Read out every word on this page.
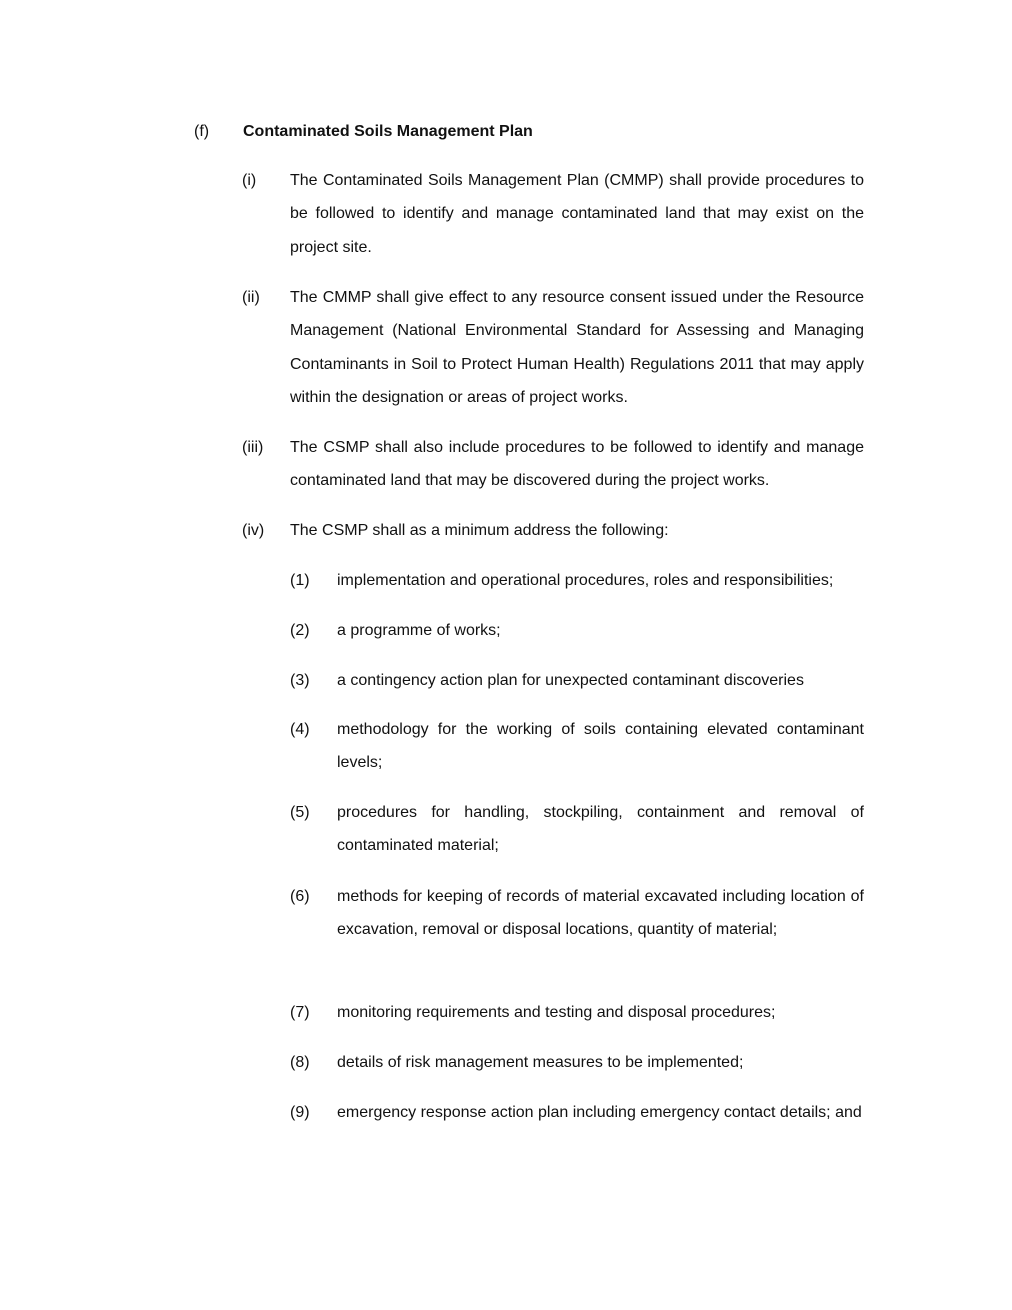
(f) Contaminated Soils Management Plan
(i) The Contaminated Soils Management Plan (CMMP) shall provide procedures to be followed to identify and manage contaminated land that may exist on the project site.
(ii) The CMMP shall give effect to any resource consent issued under the Resource Management (National Environmental Standard for Assessing and Managing Contaminants in Soil to Protect Human Health) Regulations 2011 that may apply within the designation or areas of project works.
(iii) The CSMP shall also include procedures to be followed to identify and manage contaminated land that may be discovered during the project works.
(iv) The CSMP shall as a minimum address the following:
(1) implementation and operational procedures, roles and responsibilities;
(2) a programme of works;
(3) a contingency action plan for unexpected contaminant discoveries
(4) methodology for the working of soils containing elevated contaminant levels;
(5) procedures for handling, stockpiling, containment and removal of contaminated material;
(6) methods for keeping of records of material excavated including location of excavation, removal or disposal locations, quantity of material;
(7) monitoring requirements and testing and disposal procedures;
(8) details of risk management measures to be implemented;
(9) emergency response action plan including emergency contact details; and
